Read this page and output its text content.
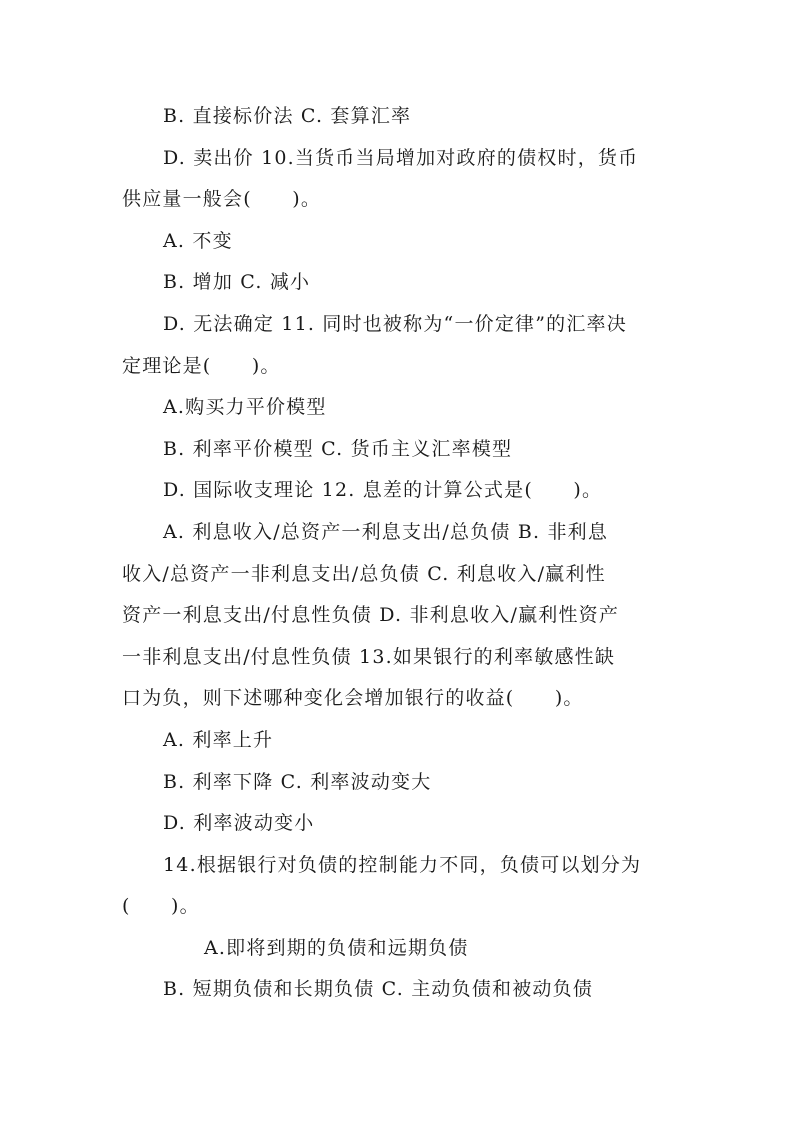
B. 直接标价法 C. 套算汇率
D. 卖出价 10.当货币当局增加对政府的债权时，货币
供应量一般会(　　)。
A. 不变
B. 增加 C. 减小
D. 无法确定 11. 同时也被称为“一价定律”的汇率决
定理论是(　　)。
A.购买力平价模型
B. 利率平价模型 C. 货币主义汇率模型
D. 国际收支理论 12. 息差的计算公式是(　　)。
A. 利息收入/总资产一利息支出/总负债 B. 非利息
收入/总资产一非利息支出/总负债 C. 利息收入/赢利性
资产一利息支出/付息性负债 D. 非利息收入/赢利性资产
一非利息支出/付息性负债 13.如果银行的利率敏感性缺
口为负，则下述哪种变化会增加银行的收益(　　)。
A. 利率上升
B. 利率下降 C. 利率波动变大
D. 利率波动变小
14.根据银行对负债的控制能力不同，负债可以划分为
(　　)。
A.即将到期的负债和远期负债
B. 短期负债和长期负债 C. 主动负债和被动负债
